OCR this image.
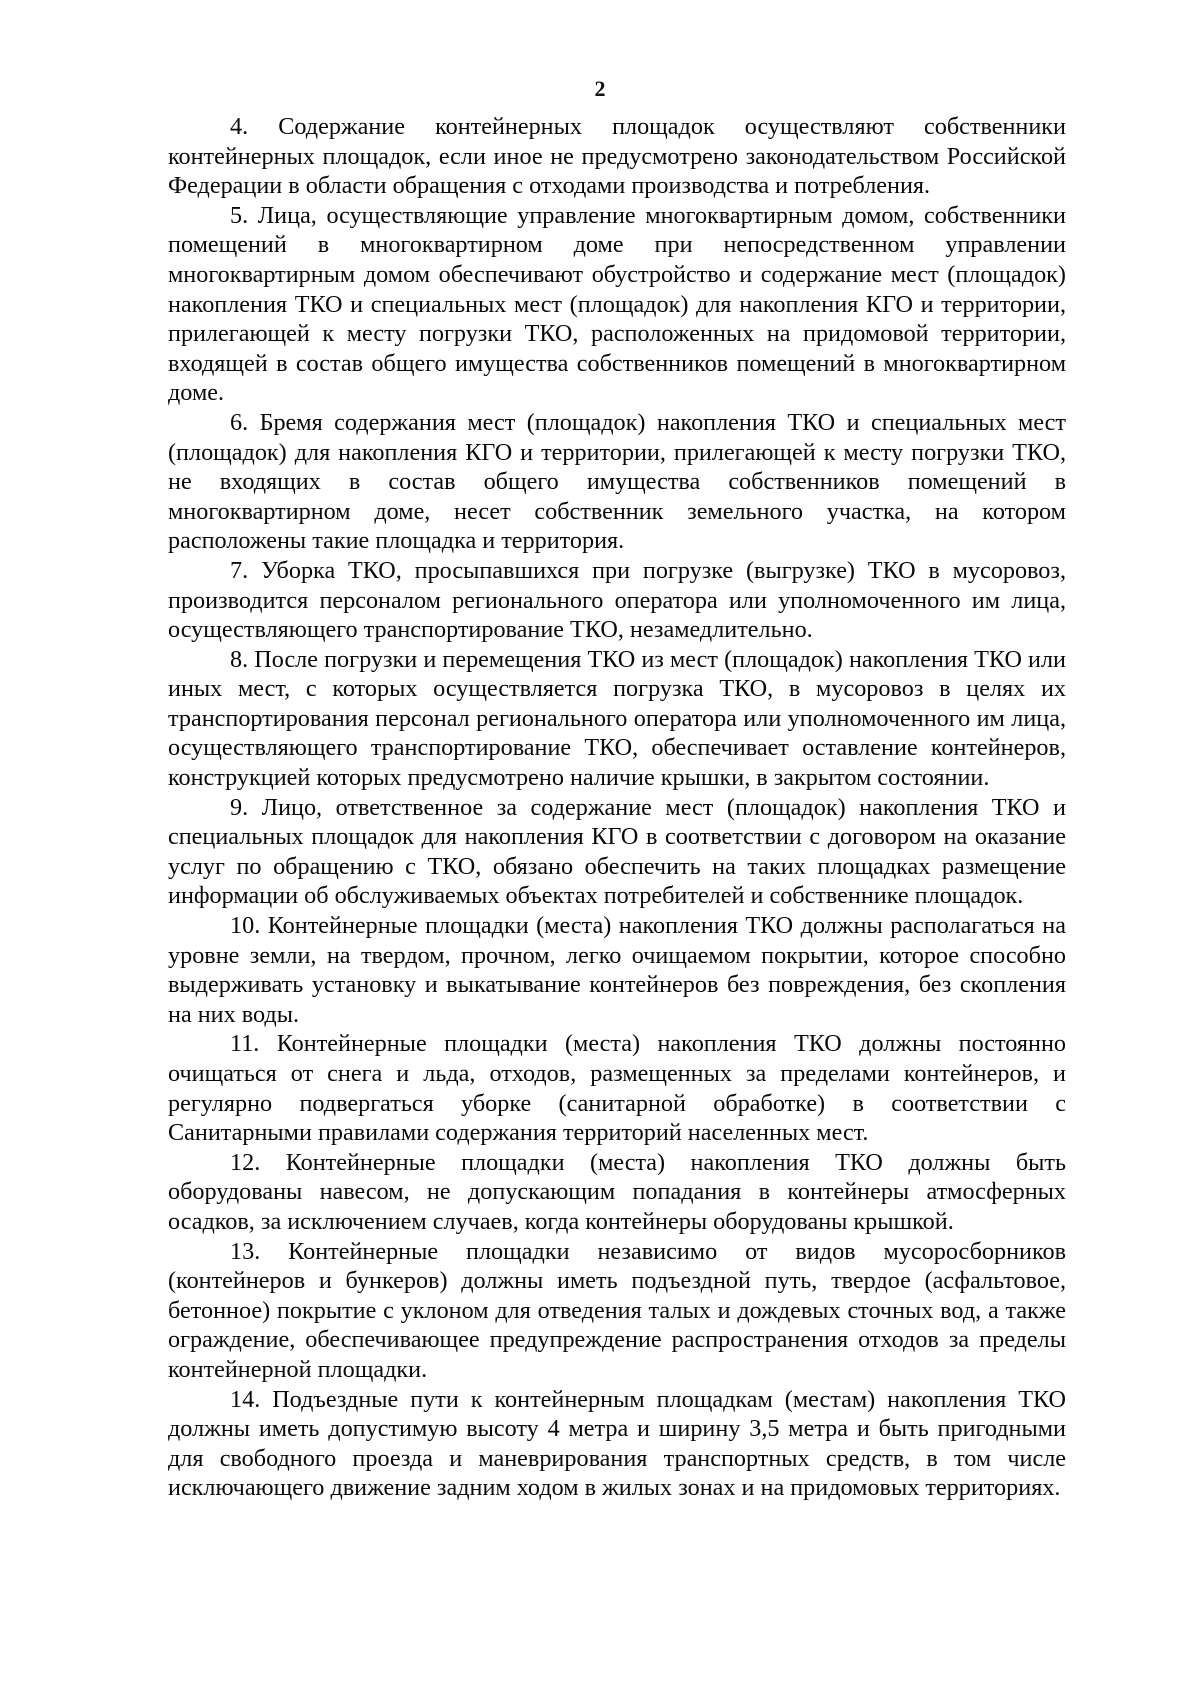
2

4. Содержание контейнерных площадок осуществляют собственники контейнерных площадок, если иное не предусмотрено законодательством Российской Федерации в области обращения с отходами производства и потребления.

5. Лица, осуществляющие управление многоквартирным домом, собственники помещений в многоквартирном доме при непосредственном управлении многоквартирным домом обеспечивают обустройство и содержание мест (площадок) накопления ТКО и специальных мест (площадок) для накопления КГО и территории, прилегающей к месту погрузки ТКО, расположенных на придомовой территории, входящей в состав общего имущества собственников помещений в многоквартирном доме.

6. Бремя содержания мест (площадок) накопления ТКО и специальных мест (площадок) для накопления КГО и территории, прилегающей к месту погрузки ТКО, не входящих в состав общего имущества собственников помещений в многоквартирном доме, несет собственник земельного участка, на котором расположены такие площадка и территория.

7. Уборка ТКО, просыпавшихся при погрузке (выгрузке) ТКО в мусоровоз, производится персоналом регионального оператора или уполномоченного им лица, осуществляющего транспортирование ТКО, незамедлительно.

8. После погрузки и перемещения ТКО из мест (площадок) накопления ТКО или иных мест, с которых осуществляется погрузка ТКО, в мусоровоз в целях их транспортирования персонал регионального оператора или уполномоченного им лица, осуществляющего транспортирование ТКО, обеспечивает оставление контейнеров, конструкцией которых предусмотрено наличие крышки, в закрытом состоянии.

9. Лицо, ответственное за содержание мест (площадок) накопления ТКО и специальных площадок для накопления КГО в соответствии с договором на оказание услуг по обращению с ТКО, обязано обеспечить на таких площадках размещение информации об обслуживаемых объектах потребителей и собственнике площадок.

10. Контейнерные площадки (места) накопления ТКО должны располагаться на уровне земли, на твердом, прочном, легко очищаемом покрытии, которое способно выдерживать установку и выкатывание контейнеров без повреждения, без скопления на них воды.

11. Контейнерные площадки (места) накопления ТКО должны постоянно очищаться от снега и льда, отходов, размещенных за пределами контейнеров, и регулярно подвергаться уборке (санитарной обработке) в соответствии с Санитарными правилами содержания территорий населенных мест.

12. Контейнерные площадки (места) накопления ТКО должны быть оборудованы навесом, не допускающим попадания в контейнеры атмосферных осадков, за исключением случаев, когда контейнеры оборудованы крышкой.

13. Контейнерные площадки независимо от видов мусоросборников (контейнеров и бункеров) должны иметь подъездной путь, твердое (асфальтовое, бетонное) покрытие с уклоном для отведения талых и дождевых сточных вод, а также ограждение, обеспечивающее предупреждение распространения отходов за пределы контейнерной площадки.

14. Подъездные пути к контейнерным площадкам (местам) накопления ТКО должны иметь допустимую высоту 4 метра и ширину 3,5 метра и быть пригодными для свободного проезда и маневрирования транспортных средств, в том числе исключающего движение задним ходом в жилых зонах и на придомовых территориях.
